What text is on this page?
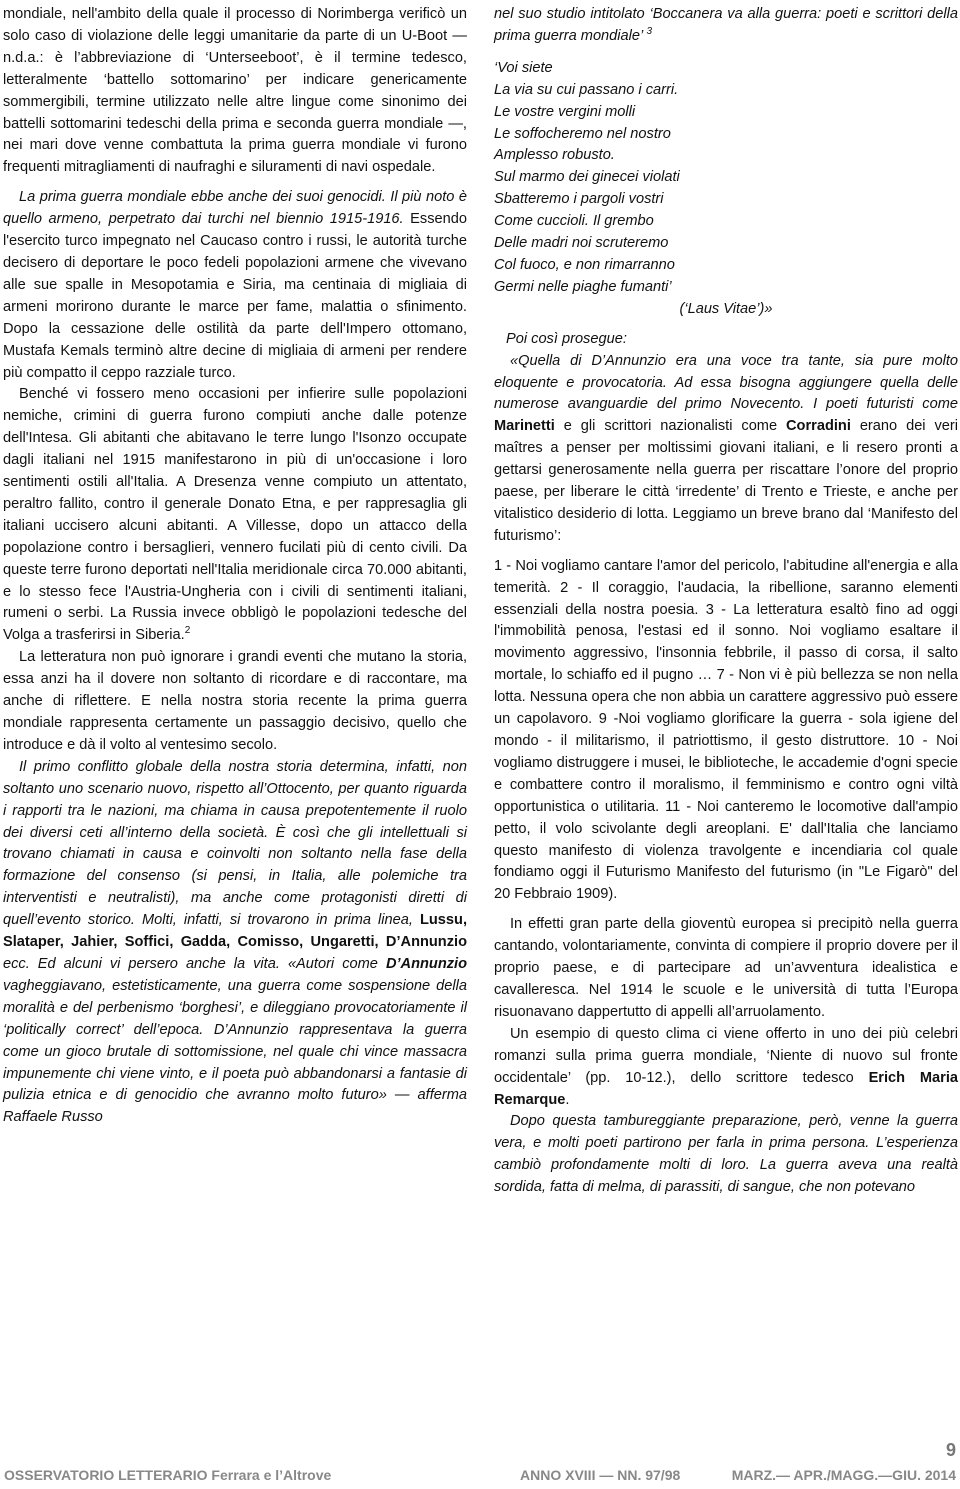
mondiale, nell'ambito della quale il processo di Norimberga verificò un solo caso di violazione delle leggi umanitarie da parte di un U-Boot — n.d.a.: è l’abbreviazione di ‘Unterseeboot’, è il termine tedesco, letteralmente ‘battello sottomarino’ per indicare genericamente sommergibili, termine utilizzato nelle altre lingue come sinonimo dei battelli sottomarini tedeschi della prima e seconda guerra mondiale —, nei mari dove venne combattuta la prima guerra mondiale vi furono frequenti mitragliamenti di naufraghi e siluramenti di navi ospedale.

La prima guerra mondiale ebbe anche dei suoi genocidi. Il più noto è quello armeno, perpetrato dai turchi nel biennio 1915-1916. Essendo l'esercito turco impegnato nel Caucaso contro i russi, le autorità turche decisero di deportare le poco fedeli popolazioni armene che vivevano alle sue spalle in Mesopotamia e Siria, ma centinaia di migliaia di armeni morirono durante le marce per fame, malattia o sfinimento. Dopo la cessazione delle ostilità da parte dell'Impero ottomano, Mustafa Kemals terminò altre decine di migliaia di armeni per rendere più compatto il ceppo razziale turco.

Benché vi fossero meno occasioni per infierire sulle popolazioni nemiche, crimini di guerra furono compiuti anche dalle potenze dell'Intesa. Gli abitanti che abitavano le terre lungo l'Isonzo occupate dagli italiani nel 1915 manifestarono in più di un'occasione i loro sentimenti ostili all'Italia. A Dresenza venne compiuto un attentato, peraltro fallito, contro il generale Donato Etna, e per rappresaglia gli italiani uccisero alcuni abitanti. A Villesse, dopo un attacco della popolazione contro i bersaglieri, vennero fucilati più di cento civili. Da queste terre furono deportati nell'Italia meridionale circa 70.000 abitanti, e lo stesso fece l'Austria-Ungheria con i civili di sentimenti italiani, rumeni o serbi. La Russia invece obbligò le popolazioni tedesche del Volga a trasferirsi in Siberia.$^2$

La letteratura non può ignorare i grandi eventi che mutano la storia, essa anzi ha il dovere non soltanto di ricordare e di raccontare, ma anche di riflettere. E nella nostra storia recente la prima guerra mondiale rappresenta certamente un passaggio decisivo, quello che introduce e dà il volto al ventesimo secolo.

Il primo conflitto globale della nostra storia determina, infatti, non soltanto uno scenario nuovo, rispetto all’Ottocento, per quanto riguarda i rapporti tra le nazioni, ma chiama in causa prepotentemente il ruolo dei diversi ceti all’interno della società. È così che gli intellettuali si trovano chiamati in causa e coinvolti non soltanto nella fase della formazione del consenso (si pensi, in Italia, alle polemiche tra interventisti e neutralisti), ma anche come protagonisti diretti di quell’evento storico. Molti, infatti, si trovarono in prima linea, Lussu, Slataper, Jahier, Soffici, Gadda, Comisso, Ungaretti, D’Annunzio ecc. Ed alcuni vi persero anche la vita. «Autori come D’Annunzio vagheggiavano, estetisticamente, una guerra come sospensione della moralità e del perbenismo ‘borghesi’, e dileggiano provocatoriamente il ‘politically correct’ dell’epoca. D’Annunzio rappresentava la guerra come un gioco brutale di sottomissione, nel quale chi vince massacra impunemente chi viene vinto, e il poeta può abbandonarsi a fantasie di pulizia etnica e di genocidio che avranno molto futuro» — afferma Raffaele Russo

nel suo studio intitolato ‘Boccanera va alla guerra: poeti e scrittori della prima guerra mondiale’ $^3$

‘Voi siete
La via su cui passano i carri.
Le vostre vergini molli
Le soffocheremo nel nostro
Amplesso robusto.
Sul marmo dei ginecei violati
Sbatteremo i pargoli vostri
Come cuccioli. Il grembo
Delle madri noi scruteremo
Col fuoco, e non rimarranno
Germi nelle piaghe fumanti’

(‘Laus Vitae’)»

Poi così prosegue:

«Quella di D’Annunzio era una voce tra tante, sia pure molto eloquente e provocatoria. Ad essa bisogna aggiungere quella delle numerose avanguardie del primo Novecento. I poeti futuristi come Marinetti e gli scrittori nazionalisti come Corradini erano dei veri maîtres a penser per moltissimi giovani italiani, e li resero pronti a gettarsi generosamente nella guerra per riscattare l’onore del proprio paese, per liberare le città ‘irredente’ di Trento e Trieste, e anche per vitalistico desiderio di lotta. Leggiamo un breve brano dal ‘Manifesto del futurismo’:

1 - Noi vogliamo cantare l'amor del pericolo, l'abitudine all'energia e alla temerità. 2 - Il coraggio, l'audacia, la ribellione, saranno elementi essenziali della nostra poesia. 3 - La letteratura esaltò fino ad oggi l'immobilità penosa, l'estasi ed il sonno. Noi vogliamo esaltare il movimento aggressivo, l'insonnia febbrile, il passo di corsa, il salto mortale, lo schiaffo ed il pugno … 7 - Non vi è più bellezza se non nella lotta. Nessuna opera che non abbia un carattere aggressivo può essere un capolavoro. 9 -Noi vogliamo glorificare la guerra - sola igiene del mondo - il militarismo, il patriottismo, il gesto distruttore. 10 - Noi vogliamo distruggere i musei, le biblioteche, le accademie d'ogni specie e combattere contro il moralismo, il femminismo e contro ogni viltà opportunistica o utilitaria. 11 - Noi canteremo le locomotive dall'ampio petto, il volo scivolante degli areoplani. E' dall'Italia che lanciamo questo manifesto di violenza travolgente e incendiaria col quale fondiamo oggi il Futurismo Manifesto del futurismo (in "Le Figarò" del 20 Febbraio 1909).

In effetti gran parte della gioventù europea si precipitò nella guerra cantando, volontariamente, convinta di compiere il proprio dovere per il proprio paese, e di partecipare ad un’avventura idealistica e cavalleresca. Nel 1914 le scuole e le università di tutta l’Europa risuonavano dappertutto di appelli all’arruolamento.

Un esempio di questo clima ci viene offerto in uno dei più celebri romanzi sulla prima guerra mondiale, ‘Niente di nuovo sul fronte occidentale’ (pp. 10-12.), dello scrittore tedesco Erich Maria Remarque.

Dopo questa tambureggiante preparazione, però, venne la guerra vera, e molti poeti partirono per farla in prima persona. L’esperienza cambiò profondamente molti di loro. La guerra aveva una realtà sordida, fatta di melma, di parassiti, di sangue, che non potevano

9
OSSERVATORIO LETTERARIO Ferrara e l’Altrove	ANNO XVIII — NN. 97/98	MARZ.— APR./MAGG.—GIU. 2014
